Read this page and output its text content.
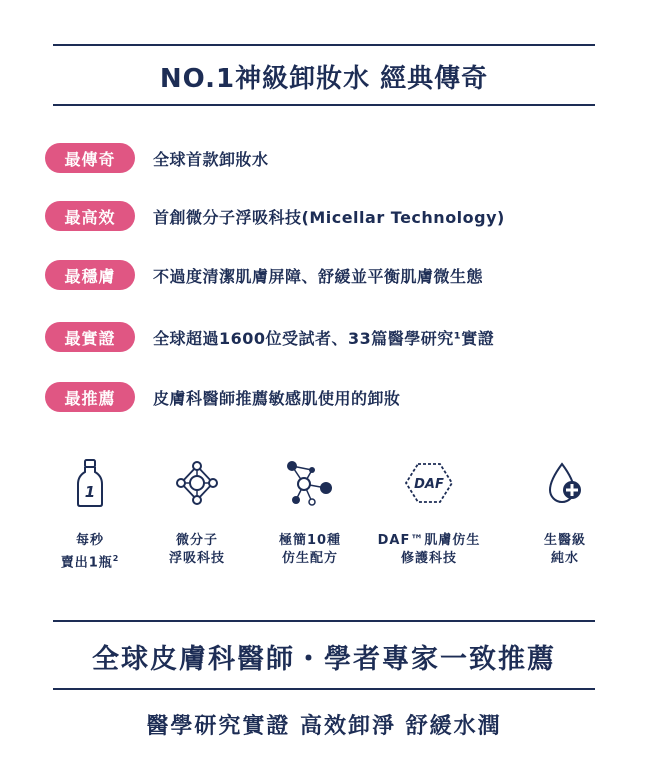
NO.1神級卸妝水 經典傳奇
最傳奇	全球首款卸妝水
最高效	首創微分子浮吸科技(Micellar Technology)
最穩膚	不過度清潔肌膚屏障、舒緩並平衡肌膚微生態
最實證	全球超過1600位受試者、33篇醫學研究¹實證
最推薦	皮膚科醫師推薦敏感肌使用的卸妝
1
每秒
賣出1瓶$^2$
微分子
浮吸科技
極簡10種
仿生配方
DAF
DAF™肌膚仿生
修護科技
生醫級
純水
全球皮膚科醫師・學者專家一致推薦
醫學研究實證 高效卸淨 舒緩水潤
